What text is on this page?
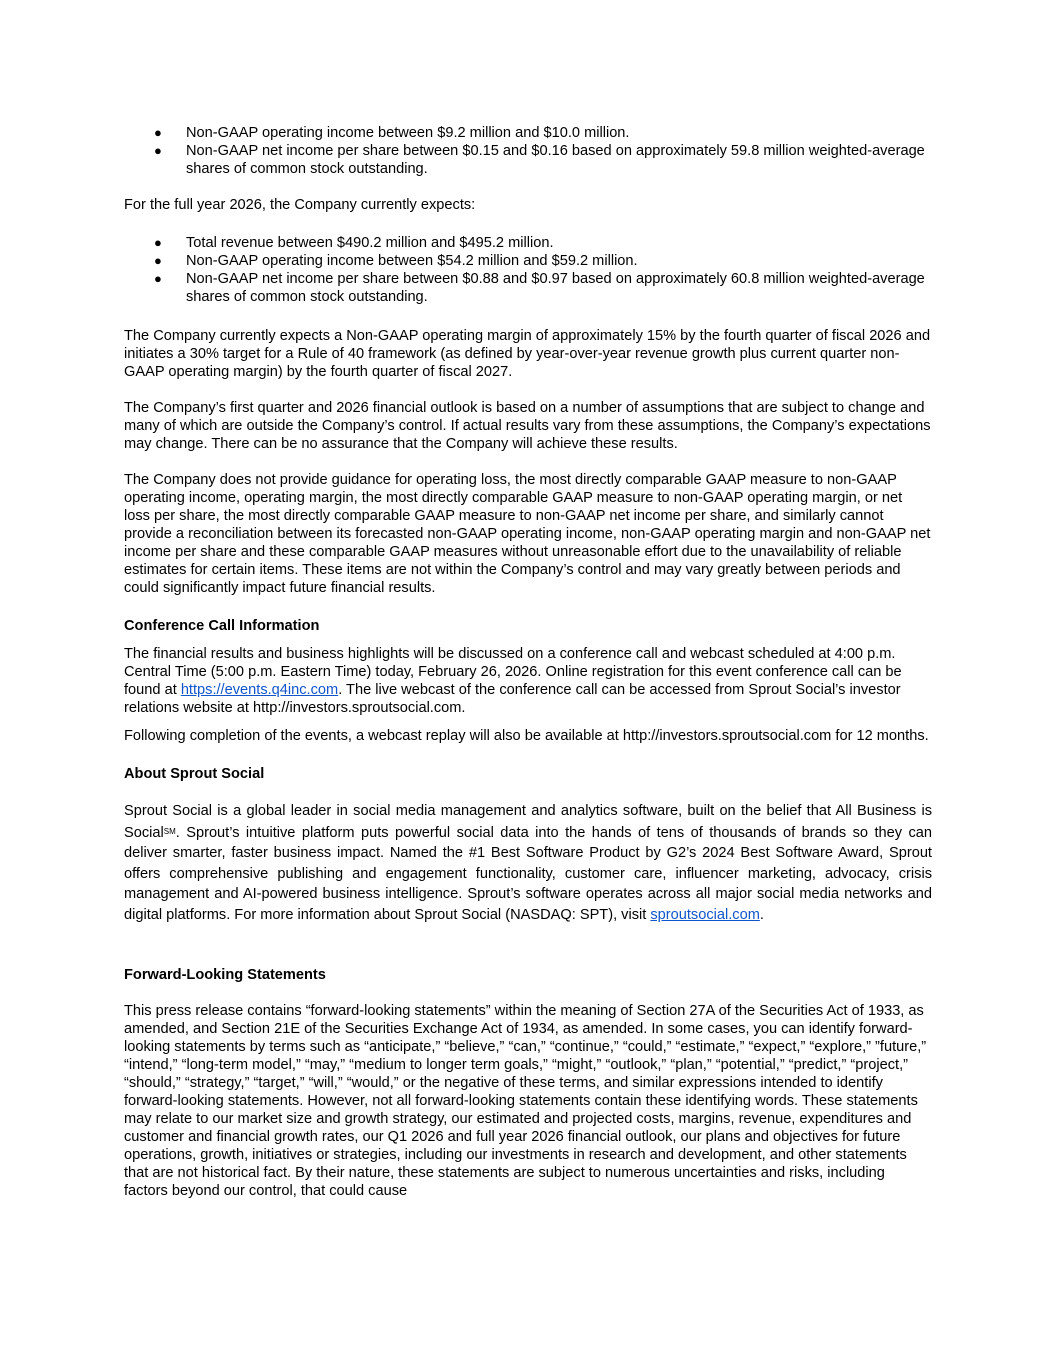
● Non-GAAP operating income between $9.2 million and $10.0 million.
● Non-GAAP net income per share between $0.15 and $0.16 based on approximately 59.8 million weighted-average shares of common stock outstanding.

For the full year 2026, the Company currently expects:

● Total revenue between $490.2 million and $495.2 million.
● Non-GAAP operating income between $54.2 million and $59.2 million.
● Non-GAAP net income per share between $0.88 and $0.97 based on approximately 60.8 million weighted-average shares of common stock outstanding.

The Company currently expects a Non-GAAP operating margin of approximately 15% by the fourth quarter of fiscal 2026 and initiates a 30% target for a Rule of 40 framework (as defined by year-over-year revenue growth plus current quarter non-GAAP operating margin) by the fourth quarter of fiscal 2027.

The Company’s first quarter and 2026 financial outlook is based on a number of assumptions that are subject to change and many of which are outside the Company’s control. If actual results vary from these assumptions, the Company’s expectations may change. There can be no assurance that the Company will achieve these results.

The Company does not provide guidance for operating loss, the most directly comparable GAAP measure to non-GAAP operating income, operating margin, the most directly comparable GAAP measure to non-GAAP operating margin, or net loss per share, the most directly comparable GAAP measure to non-GAAP net income per share, and similarly cannot provide a reconciliation between its forecasted non-GAAP operating income, non-GAAP operating margin and non-GAAP net income per share and these comparable GAAP measures without unreasonable effort due to the unavailability of reliable estimates for certain items. These items are not within the Company’s control and may vary greatly between periods and could significantly impact future financial results.

Conference Call Information

The financial results and business highlights will be discussed on a conference call and webcast scheduled at 4:00 p.m. Central Time (5:00 p.m. Eastern Time) today, February 26, 2026. Online registration for this event conference call can be found at https://events.q4inc.com. The live webcast of the conference call can be accessed from Sprout Social’s investor relations website at http://investors.sproutsocial.com.

Following completion of the events, a webcast replay will also be available at http://investors.sproutsocial.com for 12 months.

About Sprout Social

Sprout Social is a global leader in social media management and analytics software, built on the belief that All Business is Social℠. Sprout’s intuitive platform puts powerful social data into the hands of tens of thousands of brands so they can deliver smarter, faster business impact. Named the #1 Best Software Product by G2’s 2024 Best Software Award, Sprout offers comprehensive publishing and engagement functionality, customer care, influencer marketing, advocacy, crisis management and AI-powered business intelligence. Sprout’s software operates across all major social media networks and digital platforms. For more information about Sprout Social (NASDAQ: SPT), visit sproutsocial.com.

Forward-Looking Statements

This press release contains “forward-looking statements” within the meaning of Section 27A of the Securities Act of 1933, as amended, and Section 21E of the Securities Exchange Act of 1934, as amended. In some cases, you can identify forward-looking statements by terms such as “anticipate,” “believe,” “can,” “continue,” “could,” “estimate,” “expect,” “explore,” ”future,” “intend,” “long-term model,” “may,” “medium to longer term goals,” “might,” “outlook,” “plan,” “potential,” “predict,” “project,” “should,” “strategy,” “target,” “will,” “would,” or the negative of these terms, and similar expressions intended to identify forward-looking statements. However, not all forward-looking statements contain these identifying words. These statements may relate to our market size and growth strategy, our estimated and projected costs, margins, revenue, expenditures and customer and financial growth rates, our Q1 2026 and full year 2026 financial outlook, our plans and objectives for future operations, growth, initiatives or strategies, including our investments in research and development, and other statements that are not historical fact. By their nature, these statements are subject to numerous uncertainties and risks, including factors beyond our control, that could cause
